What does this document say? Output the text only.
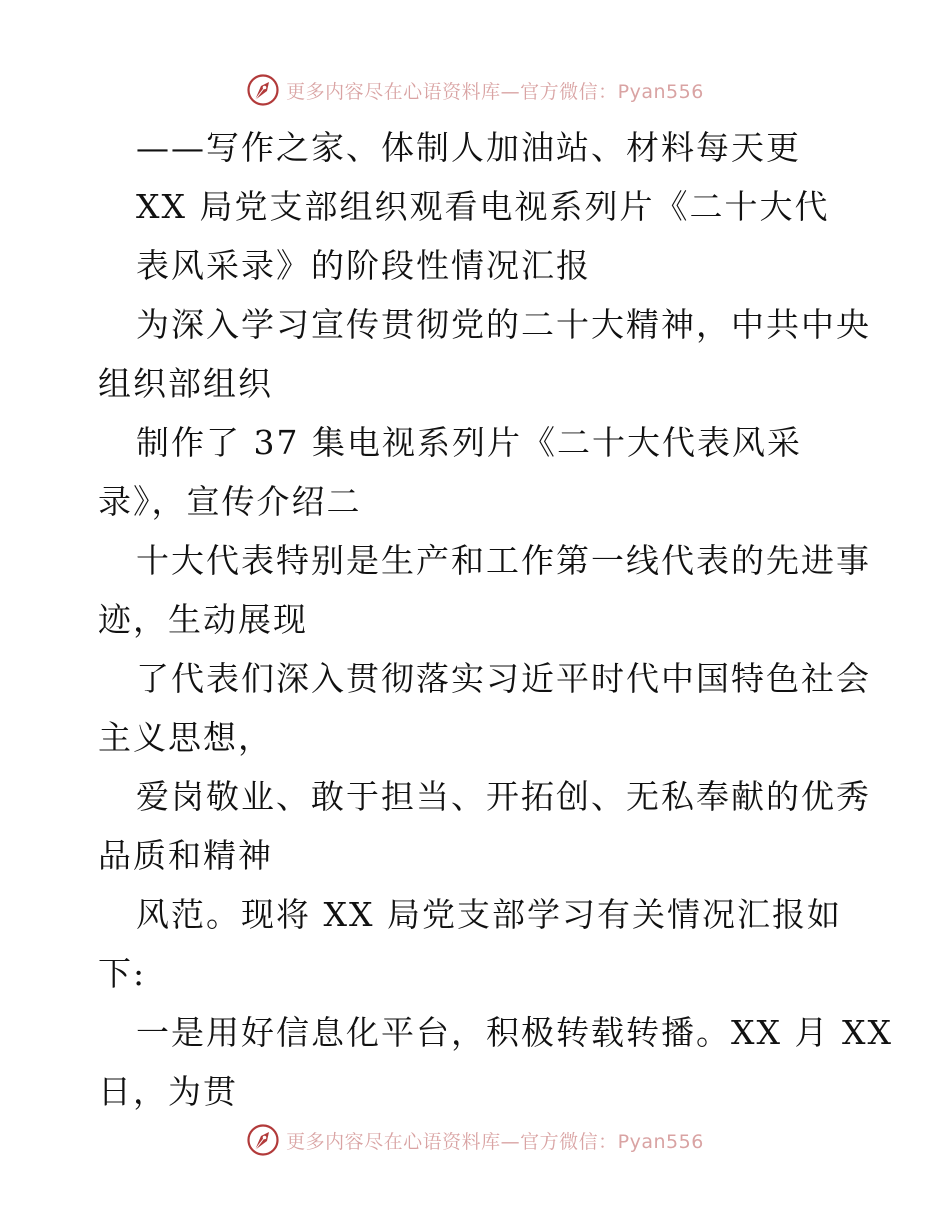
更多内容尽在心语资料库—官方微信：Pyan556
——写作之家、体制人加油站、材料每天更
XX 局党支部组织观看电视系列片《二十大代
表风采录》的阶段性情况汇报
为深入学习宣传贯彻党的二十大精神，中共中央
组织部组织
制作了 37 集电视系列片《二十大代表风采
录》，宣传介绍二
十大代表特别是生产和工作第一线代表的先进事
迹，生动展现
了代表们深入贯彻落实习近平时代中国特色社会
主义思想，
爱岗敬业、敢于担当、开拓创、无私奉献的优秀
品质和精神
风范。现将 XX 局党支部学习有关情况汇报如
下:
一是用好信息化平台，积极转载转播。XX 月 XX
日，为贯
更多内容尽在心语资料库—官方微信：Pyan556
